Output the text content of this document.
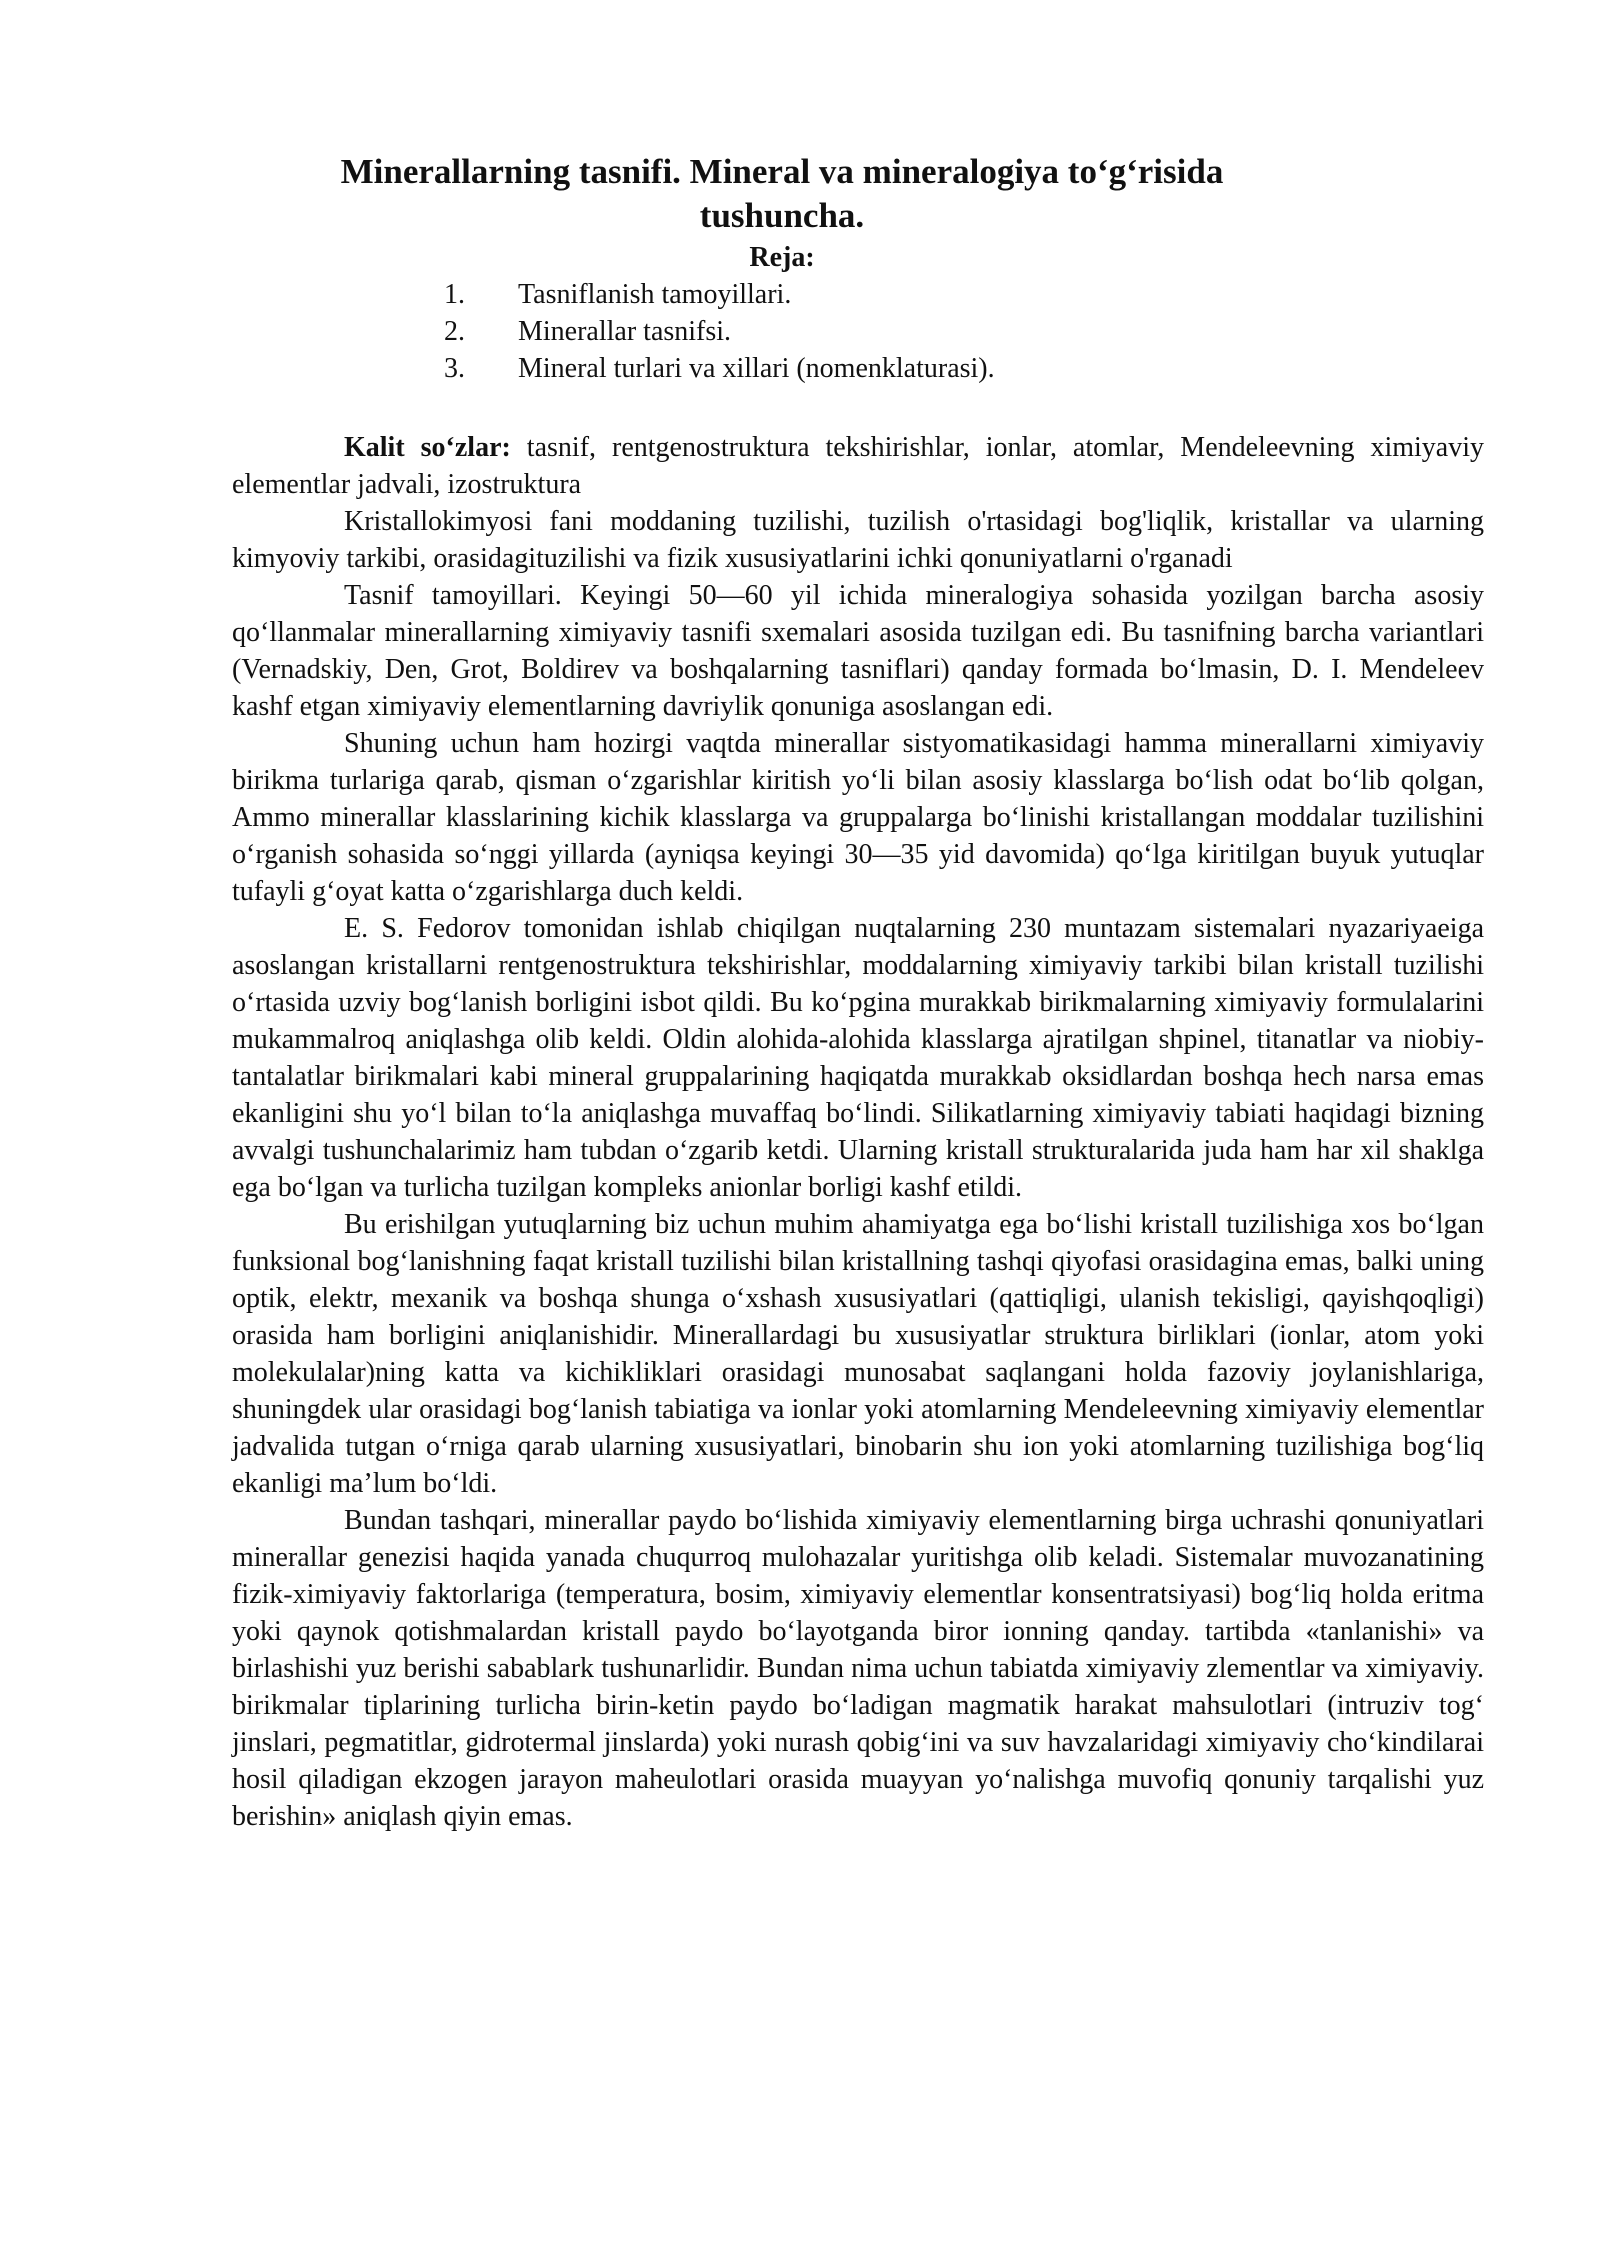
Minerallarning tasnifi. Mineral va mineralogiya to‘g‘risida tushuncha.
Reja:
1.	Tasniflanish tamoyillari.
2.	Minerallar tasnifsi.
3.	Mineral turlari va xillari (nomenklaturasi).

Kalit so‘zlar: tasnif, rentgenostruktura tekshirishlar, ionlar, atomlar, Mendeleevning ximiyaviy elementlar jadvali, izostruktura

Kristallokimyosi fani moddaning tuzilishi, tuzilish o'rtasidagi bog'liqlik, kristallar va ularning kimyoviy tarkibi, orasidagituzilishi va fizik xususiyatlarini ichki qonuniyatlarni o'rganadi

Tasnif tamoyillari. Keyingi 50—60 yil ichida mineralogiya sohasida yozilgan barcha asosiy qo‘llanmalar minerallarning ximiyaviy tasnifi sxemalari asosida tuzilgan edi. Bu tasnifning barcha variantlari (Vernadskiy, Den, Grot, Boldirev va boshqalarning tasniflari) qanday formada bo‘lmasin, D. I. Mendeleev kashf etgan ximiyaviy elementlarning davriylik qonuniga asoslangan edi.

Shuning uchun ham hozirgi vaqtda minerallar sistyomatikasidagi hamma minerallarni ximiyaviy birikma turlariga qarab, qisman o‘zgarishlar kiritish yo‘li bilan asosiy klasslarga bo‘lish odat bo‘lib qolgan, Ammo minerallar klasslarining kichik klasslarga va gruppalarga bo‘linishi kristallangan moddalar tuzilishini o‘rganish sohasida so‘nggi yillarda (ayniqsa keyingi 30—35 yid davomida) qo‘lga kiritilgan buyuk yutuqlar tufayli g‘oyat katta o‘zgarishlarga duch keldi.

E. S. Fedorov tomonidan ishlab chiqilgan nuqtalarning 230 muntazam sistemalari nyazariyaeiga asoslangan kristallarni rentgenostruktura tekshirishlar, moddalarning ximiyaviy tarkibi bilan kristall tuzilishi o‘rtasida uzviy bog‘lanish borligini isbot qildi. Bu ko‘pgina murakkab birikmalarning ximiyaviy formulalarini mukammalroq aniqlashga olib keldi. Oldin alohida-alohida klasslarga ajratilgan shpinel, titanatlar va niobiy-tantalatlar birikmalari kabi mineral gruppalarining haqiqatda murakkab oksidlardan boshqa hech narsa emas ekanligini shu yo‘l bilan to‘la aniqlashga muvaffaq bo‘lindi. Silikatlarning ximiyaviy tabiati haqidagi bizning avvalgi tushunchalarimiz ham tubdan o‘zgarib ketdi. Ularning kristall strukturalarida juda ham har xil shaklga ega bo‘lgan va turlicha tuzilgan kompleks anionlar borligi kashf etildi.

Bu erishilgan yutuqlarning biz uchun muhim ahamiyatga ega bo‘lishi kristall tuzilishiga xos bo‘lgan funksional bog‘lanishning faqat kristall tuzilishi bilan kristallning tashqi qiyofasi orasidagina emas, balki uning optik, elektr, mexanik va boshqa shunga o‘xshash xususiyatlari (qattiqligi, ulanish tekisligi, qayishqoqligi) orasida ham borligini aniqlanishidir. Minerallardagi bu xususiyatlar struktura birliklari (ionlar, atom yoki molekulalar)ning katta va kichikliklari orasidagi munosabat saqlangani holda fazoviy joylanishlariga, shuningdek ular orasidagi bog‘lanish tabiatiga va ionlar yoki atomlarning Mendeleevning ximiyaviy elementlar jadvalida tutgan o‘rniga qarab ularning xususiyatlari, binobarin shu ion yoki atomlarning tuzilishiga bog‘liq ekanligi ma’lum bo‘ldi.

Bundan tashqari, minerallar paydo bo‘lishida ximiyaviy elementlarning birga uchrashi qonuniyatlari minerallar genezisi haqida yanada chuqurroq mulohazalar yuritishga olib keladi. Sistemalar muvozanatining fizik-ximiyaviy faktorlariga (temperatura, bosim, ximiyaviy elementlar konsentratsiyasi) bog‘liq holda eritma yoki qaynok qotishmalardan kristall paydo bo‘layotganda biror ionning qanday. tartibda «tanlanishi» va birlashishi yuz berishi sabablark tushunarlidir. Bundan nima uchun tabiatda ximiyaviy zlementlar va ximiyaviy. birikmalar tiplarining turlicha birin-ketin paydo bo‘ladigan magmatik harakat mahsulotlari (intruziv tog‘ jinslari, pegmatitlar, gidrotermal jinslarda) yoki nurash qobig‘ini va suv havzalaridagi ximiyaviy cho‘kindilarai hosil qiladigan ekzogen jarayon maheulotlari orasida muayyan yo‘nalishga muvofiq qonuniy tarqalishi yuz berishin» aniqlash qiyin emas.
